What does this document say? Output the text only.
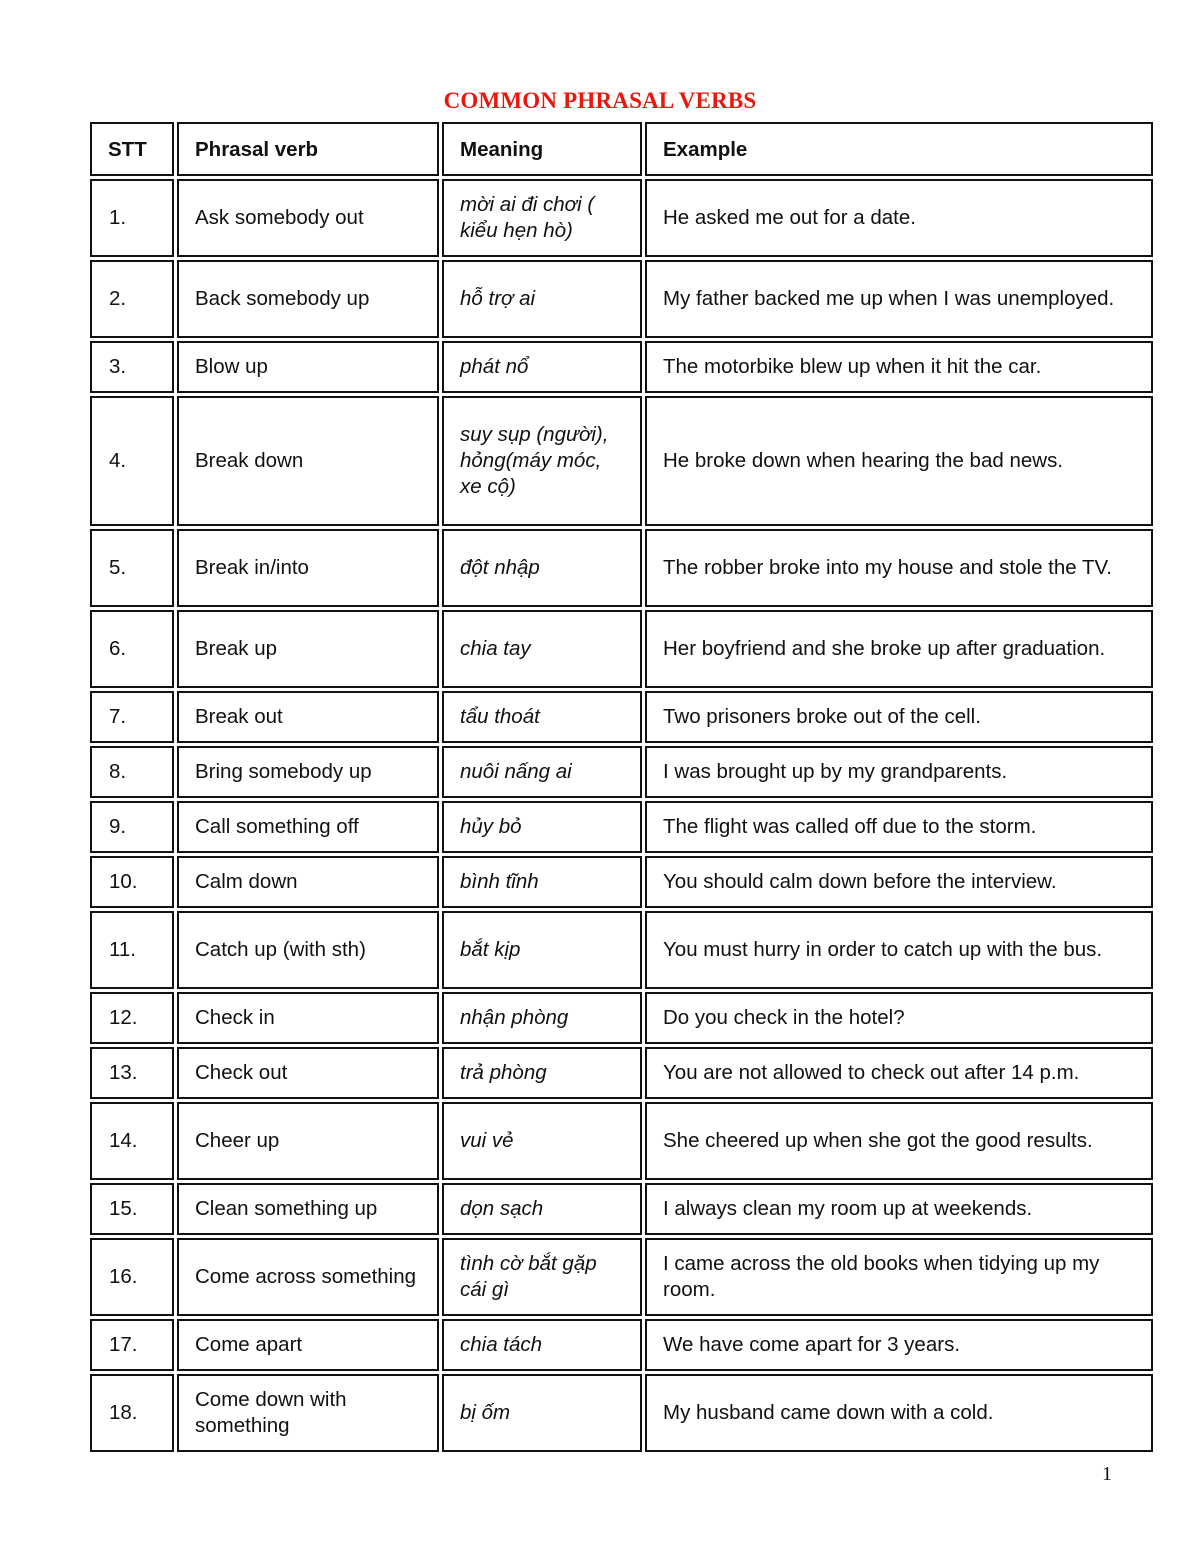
COMMON PHRASAL VERBS
STT	Phrasal verb	Meaning	Example
1.	Ask somebody out	mời ai đi chơi ( kiểu hẹn hò)	He asked me out for a date.
2.	Back somebody up	hỗ trợ ai	My father backed me up when I was unemployed.
3.	Blow up	phát nổ	The motorbike blew up when it hit the car.
4.	Break down	suy sụp (người), hỏng(máy móc, xe cộ)	He broke down when hearing the bad news.
5.	Break in/into	đột nhập	The robber broke into my house and stole the TV.
6.	Break up	chia tay	Her boyfriend and she broke up after graduation.
7.	Break out	tẩu thoát	Two prisoners broke out of the cell.
8.	Bring somebody up	nuôi nấng ai	I was brought up by my grandparents.
9.	Call something off	hủy bỏ	The flight was called off due to the storm.
10.	Calm down	bình tĩnh	You should calm down before the interview.
11.	Catch up (with sth)	bắt kịp	You must hurry in order to catch up with the bus.
12.	Check in	nhận phòng	Do you check in the hotel?
13.	Check out	trả phòng	You are not allowed to check out after 14 p.m.
14.	Cheer up	vui vẻ	She cheered up when she got the good results.
15.	Clean something up	dọn sạch	I always clean my room up at weekends.
16.	Come across something	tình cờ bắt gặp cái gì	I came across the old books when tidying up my room.
17.	Come apart	chia tách	We have come apart for 3 years.
18.	Come down with something	bị ốm	My husband came down with a cold.
1
